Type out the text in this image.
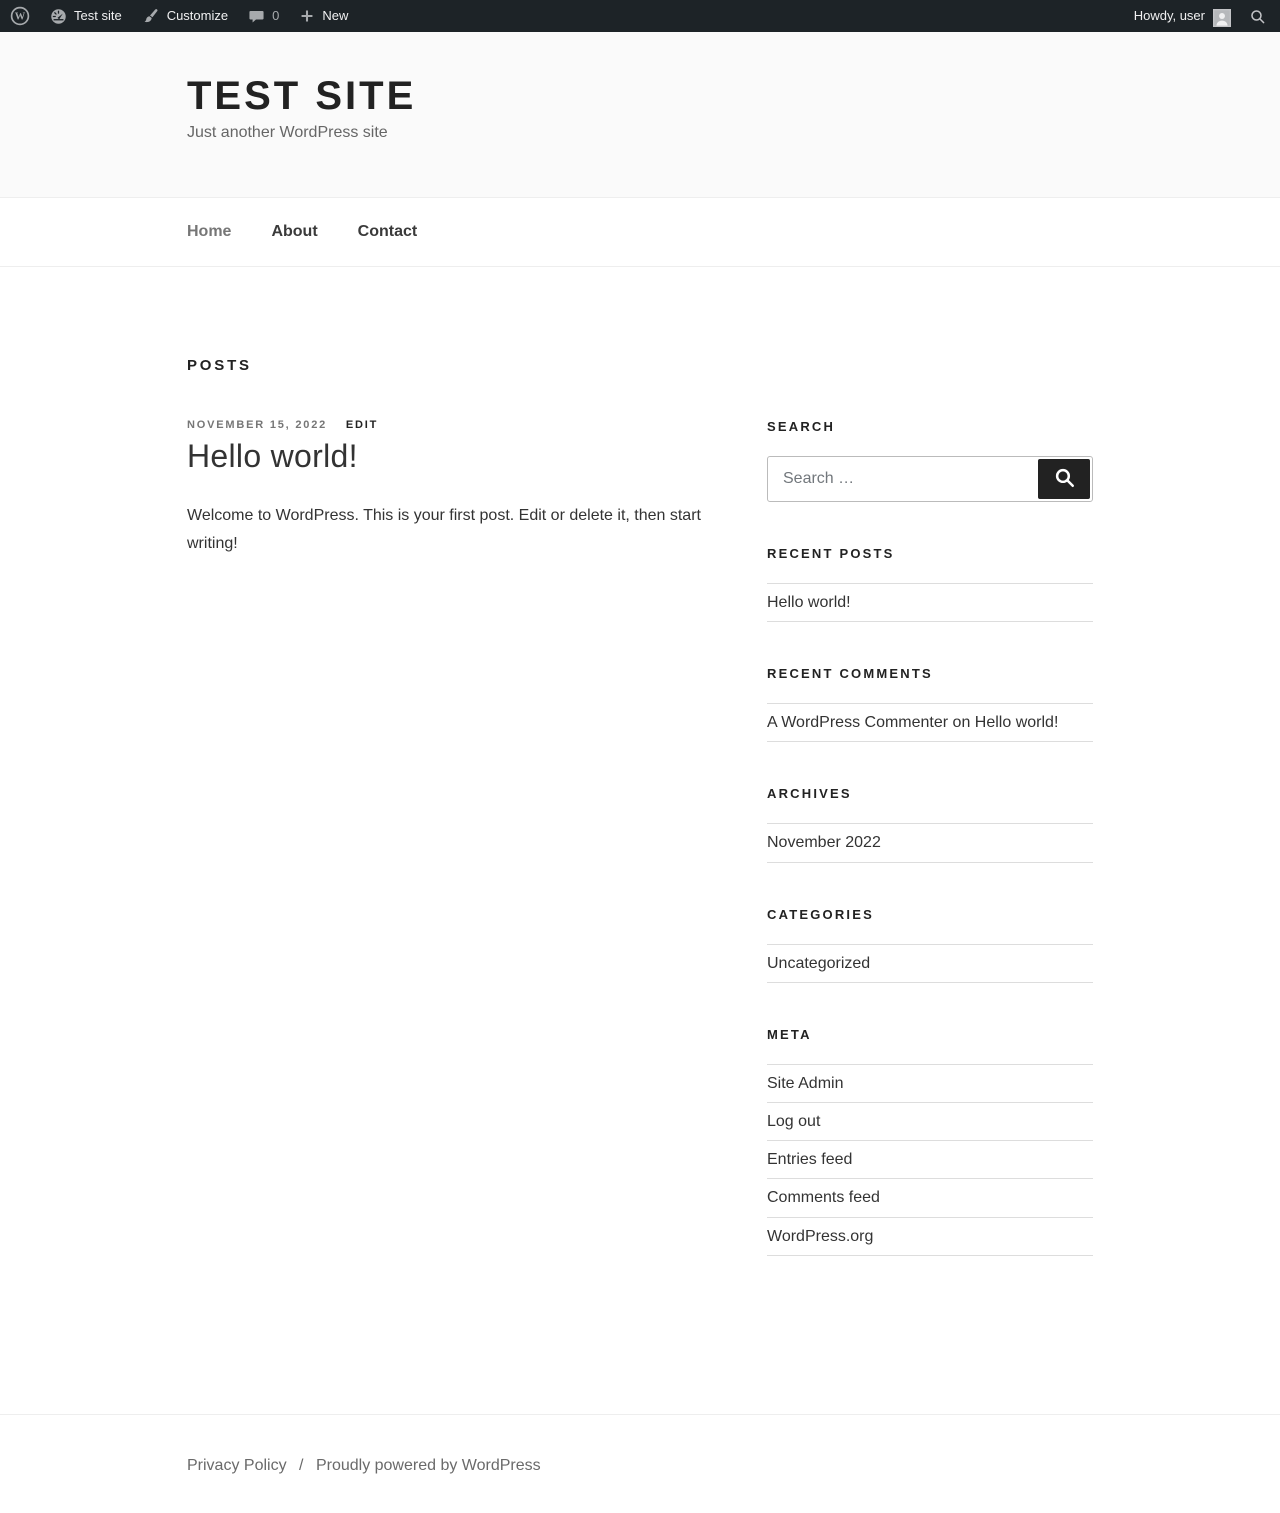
W	Test site	Customize	0	New	Howdy, user
TEST SITE

Just another WordPress site

Home	About	Contact
POSTS
NOVEMBER 15, 2022 EDIT
Hello world!

Welcome to WordPress. This is your first post. Edit or delete it, then start writing!

SEARCH
Search …
RECENT POSTS
Hello world!
RECENT COMMENTS
A WordPress Commenter on Hello world!
ARCHIVES
November 2022
CATEGORIES
Uncategorized
META
Site Admin
Log out
Entries feed
Comments feed
WordPress.org
Privacy Policy / Proudly powered by WordPress
